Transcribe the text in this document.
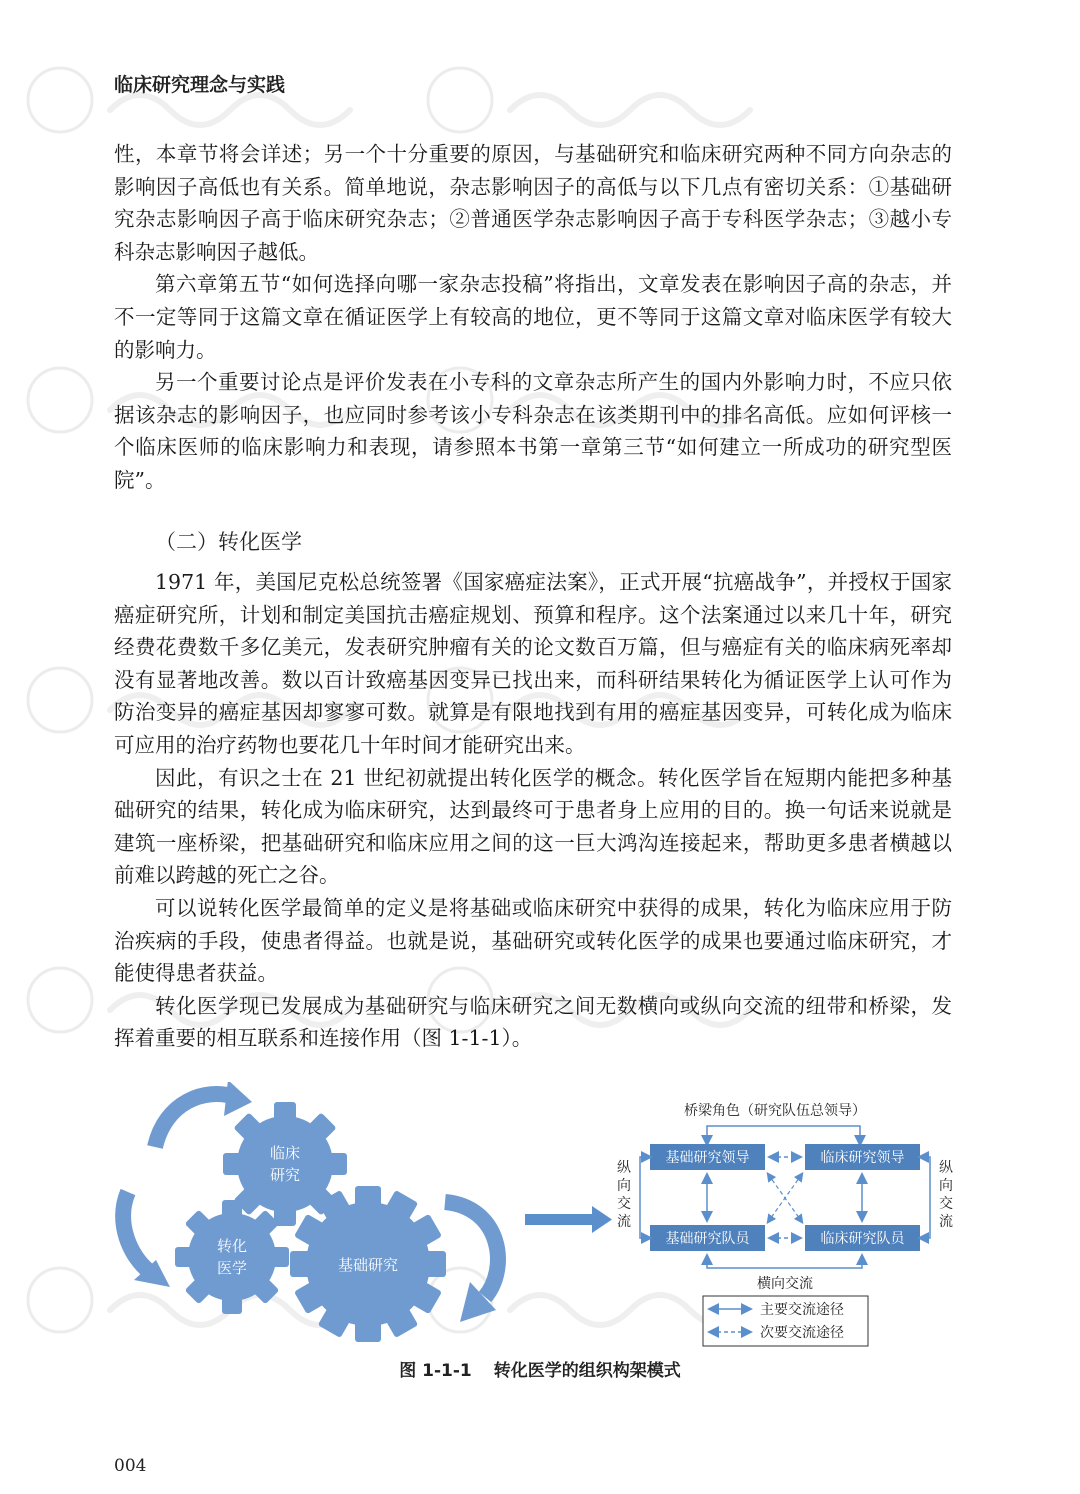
临床研究理念与实践

性，本章节将会详述；另一个十分重要的原因，与基础研究和临床研究两种不同方向杂志的影响因子高低也有关系。简单地说，杂志影响因子的高低与以下几点有密切关系：①基础研究杂志影响因子高于临床研究杂志；②普通医学杂志影响因子高于专科医学杂志；③越小专科杂志影响因子越低。

第六章第五节“如何选择向哪一家杂志投稿”将指出，文章发表在影响因子高的杂志，并不一定等同于这篇文章在循证医学上有较高的地位，更不等同于这篇文章对临床医学有较大的影响力。

另一个重要讨论点是评价发表在小专科的文章杂志所产生的国内外影响力时，不应只依据该杂志的影响因子，也应同时参考该小专科杂志在该类期刊中的排名高低。应如何评核一个临床医师的临床影响力和表现，请参照本书第一章第三节“如何建立一所成功的研究型医院”。

（二）转化医学

1971 年，美国尼克松总统签署《国家癌症法案》，正式开展“抗癌战争”，并授权于国家癌症研究所，计划和制定美国抗击癌症规划、预算和程序。这个法案通过以来几十年，研究经费花费数千多亿美元，发表研究肿瘤有关的论文数百万篇，但与癌症有关的临床病死率却没有显著地改善。数以百计致癌基因变异已找出来，而科研结果转化为循证医学上认可作为防治变异的癌症基因却寥寥可数。就算是有限地找到有用的癌症基因变异，可转化成为临床可应用的治疗药物也要花几十年时间才能研究出来。

因此，有识之士在 21 世纪初就提出转化医学的概念。转化医学旨在短期内能把多种基础研究的结果，转化成为临床研究，达到最终可于患者身上应用的目的。换一句话来说就是建筑一座桥梁，把基础研究和临床应用之间的这一巨大鸿沟连接起来，帮助更多患者横越以前难以跨越的死亡之谷。

可以说转化医学最简单的定义是将基础或临床研究中获得的成果，转化为临床应用于防治疾病的手段，使患者得益。也就是说，基础研究或转化医学的成果也要通过临床研究，才能使得患者获益。

转化医学现已发展成为基础研究与临床研究之间无数横向或纵向交流的纽带和桥梁，发挥着重要的相互联系和连接作用（图 1-1-1）。

临床
研究
转化
医学	基础研究
桥梁角色（研究队伍总领导）
基础研究领导	临床研究领导
基础研究队员	临床研究队员
纵向交流
纵向交流
横向交流
主要交流途径
次要交流途径
图 1-1-1 转化医学的组织构架模式
004
